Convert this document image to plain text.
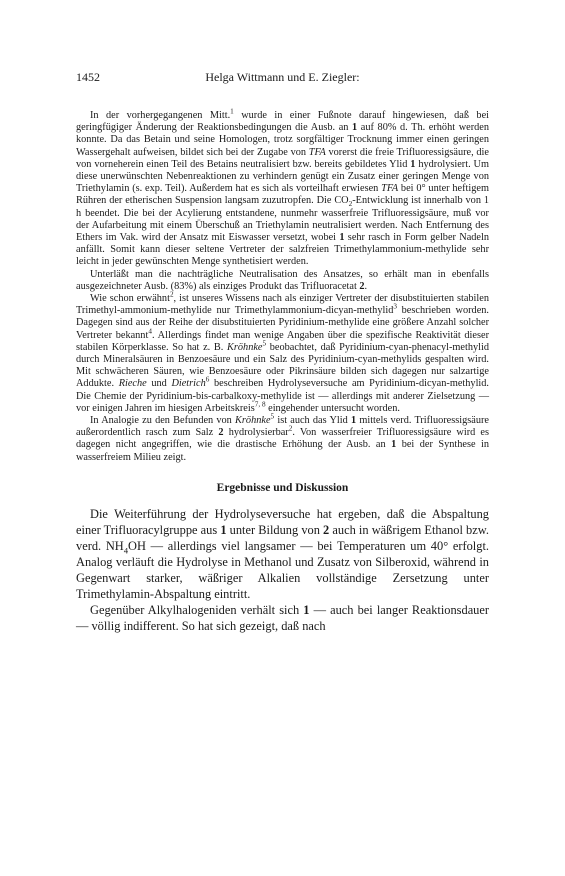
1452	Helga Wittmann und E. Ziegler:

In der vorhergegangenen Mitt.$^1$ wurde in einer Fußnote darauf hingewiesen, daß bei geringfügiger Änderung der Reaktionsbedingungen die Ausb. an 1 auf 80% d. Th. erhöht werden konnte. Da das Betain und seine Homologen, trotz sorgfältiger Trocknung immer einen geringen Wassergehalt aufweisen, bildet sich bei der Zugabe von TFA vorerst die freie Trifluoressigsäure, die von vorneherein einen Teil des Betains neutralisiert bzw. bereits gebildetes Ylid 1 hydrolysiert. Um diese unerwünschten Nebenreaktionen zu verhindern genügt ein Zusatz einer geringen Menge von Triethylamin (s. exp. Teil). Außerdem hat es sich als vorteilhaft erwiesen TFA bei 0° unter heftigem Rühren der etherischen Suspension langsam zuzutropfen. Die $CO_2$-Entwicklung ist innerhalb von 1 h beendet. Die bei der Acylierung entstandene, nunmehr wasserfreie Trifluoressigsäure, muß vor der Aufarbeitung mit einem Überschuß an Triethylamin neutralisiert werden. Nach Entfernung des Ethers im Vak. wird der Ansatz mit Eiswasser versetzt, wobei 1 sehr rasch in Form gelber Nadeln anfällt. Somit kann dieser seltene Vertreter der salzfreien Trimethylammonium-methylide sehr leicht in jeder gewünschten Menge synthetisiert werden.

Unterläßt man die nachträgliche Neutralisation des Ansatzes, so erhält man in ebenfalls ausgezeichneter Ausb. (83%) als einziges Produkt das Trifluoracetat 2.

Wie schon erwähnt$^2$, ist unseres Wissens nach als einziger Vertreter der disubstituierten stabilen Trimethyl-ammonium-methylide nur Trimethylammonium-dicyan-methylid$^3$ beschrieben worden. Dagegen sind aus der Reihe der disubstituierten Pyridinium-methylide eine größere Anzahl solcher Vertreter bekannt$^4$. Allerdings findet man wenige Angaben über die spezifische Reaktivität dieser stabilen Körperklasse. So hat z. B. Kröhnke$^5$ beobachtet, daß Pyridinium-cyan-phenacyl-methylid durch Mineralsäuren in Benzoesäure und ein Salz des Pyridinium-cyan-methylids gespalten wird. Mit schwächeren Säuren, wie Benzoesäure oder Pikrinsäure bilden sich dagegen nur salzartige Addukte. Rieche und Dietrich$^6$ beschreiben Hydrolyseversuche am Pyridinium-dicyan-methylid. Die Chemie der Pyridinium-bis-carbalkoxy-methylide ist — allerdings mit anderer Zielsetzung — vor einigen Jahren im hiesigen Arbeitskreis$^{7, 8}$ eingehender untersucht worden.

In Analogie zu den Befunden von Kröhnke$^5$ ist auch das Ylid 1 mittels verd. Trifluoressigsäure außerordentlich rasch zum Salz 2 hydrolysierbar$^2$. Von wasserfreier Trifluoressigsäure wird es dagegen nicht angegriffen, wie die drastische Erhöhung der Ausb. an 1 bei der Synthese in wasserfreiem Milieu zeigt.

Ergebnisse und Diskussion

Die Weiterführung der Hydrolyseversuche hat ergeben, daß die Abspaltung einer Trifluoracylgruppe aus 1 unter Bildung von 2 auch in wäßrigem Ethanol bzw. verd. $NH_4OH$ — allerdings viel langsamer — bei Temperaturen um 40° erfolgt. Analog verläuft die Hydrolyse in Methanol und Zusatz von Silberoxid, während in Gegenwart starker, wäßriger Alkalien vollständige Zersetzung unter Trimethylamin-Abspaltung eintritt.

Gegenüber Alkylhalogeniden verhält sich 1 — auch bei langer Reaktionsdauer — völlig indifferent. So hat sich gezeigt, daß nach
